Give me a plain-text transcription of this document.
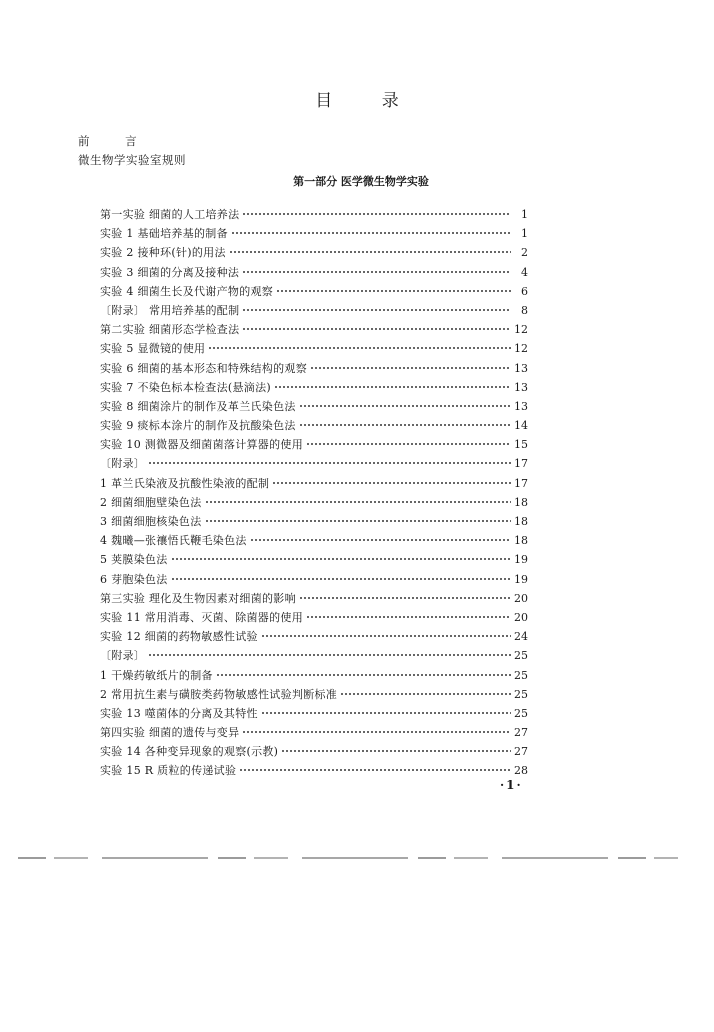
目 录
前 言
微生物学实验室规则
第一部分 医学微生物学实验
第一实验 细菌的人工培养法	1
实验 1 基础培养基的制备	1
实验 2 接种环(针)的用法	2
实验 3 细菌的分离及接种法	4
实验 4 细菌生长及代谢产物的观察	6
〔附录〕 常用培养基的配制	8
第二实验 细菌形态学检查法	12
实验 5 显微镜的使用	12
实验 6 细菌的基本形态和特殊结构的观察	13
实验 7 不染色标本检查法(悬滴法)	13
实验 8 细菌涂片的制作及革兰氏染色法	13
实验 9 痰标本涂片的制作及抗酸染色法	14
实验 10 测微器及细菌菌落计算器的使用	15
〔附录〕	17
1 革兰氏染液及抗酸性染液的配制	17
2 细菌细胞壁染色法	18
3 细菌细胞核染色法	18
4 魏曦—张禳悟氏鞭毛染色法	18
5 荚膜染色法	19
6 芽胞染色法	19
第三实验 理化及生物因素对细菌的影响	20
实验 11 常用消毒、灭菌、除菌器的使用	20
实验 12 细菌的药物敏感性试验	24
〔附录〕	25
1 干燥药敏纸片的制备	25
2 常用抗生素与磺胺类药物敏感性试验判断标准	25
实验 13 噬菌体的分离及其特性	25
第四实验 细菌的遗传与变异	27
实验 14 各种变异现象的观察(示教)	27
实验 15 R 质粒的传递试验	28
·1·
